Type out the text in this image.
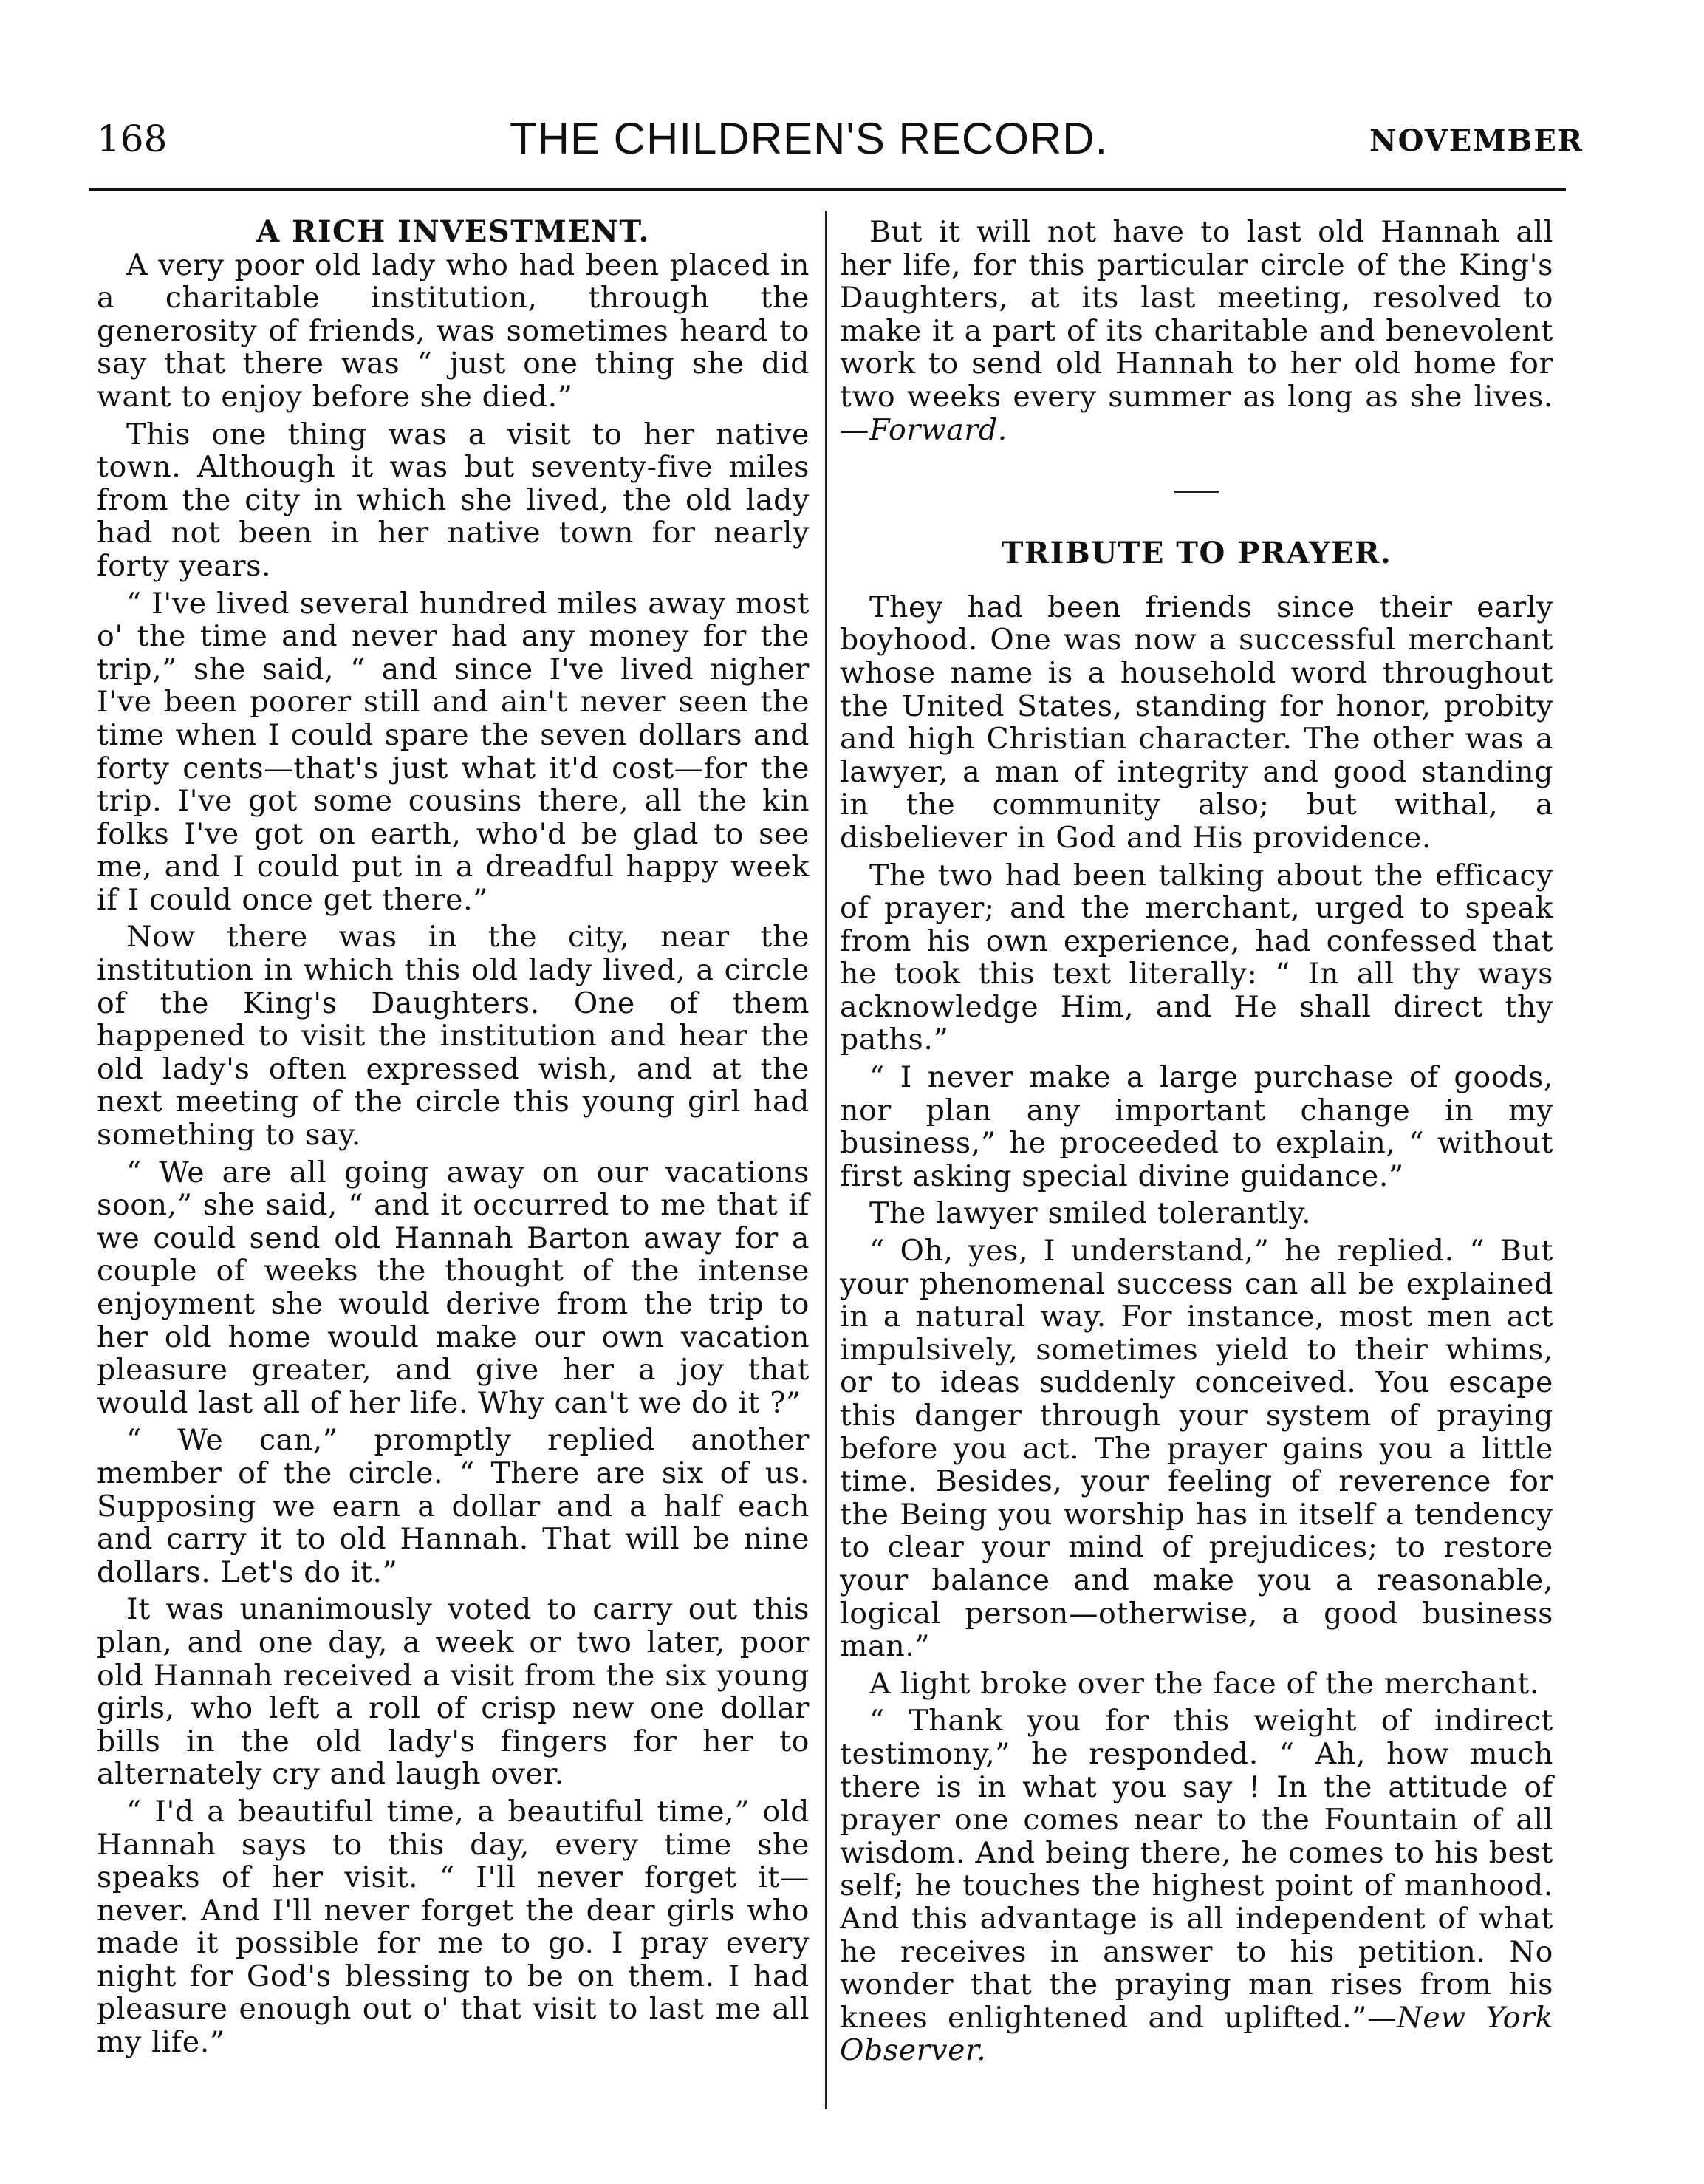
168	THE CHILDREN'S RECORD.	NOVEMBER
A RICH INVESTMENT.

A very poor old lady who had been placed in a charitable institution, through the generosity of friends, was sometimes heard to say that there was “ just one thing she did want to enjoy before she died.”

This one thing was a visit to her native town. Although it was but seventy-five miles from the city in which she lived, the old lady had not been in her native town for nearly forty years.

“ I've lived several hundred miles away most o' the time and never had any money for the trip,” she said, “ and since I've lived nigher I've been poorer still and ain't never seen the time when I could spare the seven dollars and forty cents—that's just what it'd cost—for the trip. I've got some cousins there, all the kin folks I've got on earth, who'd be glad to see me, and I could put in a dreadful happy week if I could once get there.”

Now there was in the city, near the institution in which this old lady lived, a circle of the King's Daughters. One of them happened to visit the institution and hear the old lady's often expressed wish, and at the next meeting of the circle this young girl had something to say.

“ We are all going away on our vacations soon,” she said, “ and it occurred to me that if we could send old Hannah Barton away for a couple of weeks the thought of the intense enjoyment she would derive from the trip to her old home would make our own vacation pleasure greater, and give her a joy that would last all of her life. Why can't we do it ?”

“ We can,” promptly replied another member of the circle. “ There are six of us. Supposing we earn a dollar and a half each and carry it to old Hannah. That will be nine dollars. Let's do it.”

It was unanimously voted to carry out this plan, and one day, a week or two later, poor old Hannah received a visit from the six young girls, who left a roll of crisp new one dollar bills in the old lady's fingers for her to alternately cry and laugh over.

“ I'd a beautiful time, a beautiful time,” old Hannah says to this day, every time she speaks of her visit. “ I'll never forget it—never. And I'll never forget the dear girls who made it possible for me to go. I pray every night for God's blessing to be on them. I had pleasure enough out o' that visit to last me all my life.”

But it will not have to last old Hannah all her life, for this particular circle of the King's Daughters, at its last meeting, resolved to make it a part of its charitable and benevolent work to send old Hannah to her old home for two weeks every summer as long as she lives.—Forward.

TRIBUTE TO PRAYER.

They had been friends since their early boyhood. One was now a successful merchant whose name is a household word throughout the United States, standing for honor, probity and high Christian character. The other was a lawyer, a man of integrity and good standing in the community also; but withal, a disbeliever in God and His providence.

The two had been talking about the efficacy of prayer; and the merchant, urged to speak from his own experience, had confessed that he took this text literally: “ In all thy ways acknowledge Him, and He shall direct thy paths.”

“ I never make a large purchase of goods, nor plan any important change in my business,” he proceeded to explain, “ without first asking special divine guidance.”

The lawyer smiled tolerantly.

“ Oh, yes, I understand,” he replied. “ But your phenomenal success can all be explained in a natural way. For instance, most men act impulsively, sometimes yield to their whims, or to ideas suddenly conceived. You escape this danger through your system of praying before you act. The prayer gains you a little time. Besides, your feeling of reverence for the Being you worship has in itself a tendency to clear your mind of prejudices; to restore your balance and make you a reasonable, logical person—otherwise, a good business man.”

A light broke over the face of the merchant.

“ Thank you for this weight of indirect testimony,” he responded. “ Ah, how much there is in what you say ! In the attitude of prayer one comes near to the Fountain of all wisdom. And being there, he comes to his best self; he touches the highest point of manhood. And this advantage is all independent of what he receives in answer to his petition. No wonder that the praying man rises from his knees enlightened and uplifted.”—New York Observer.
